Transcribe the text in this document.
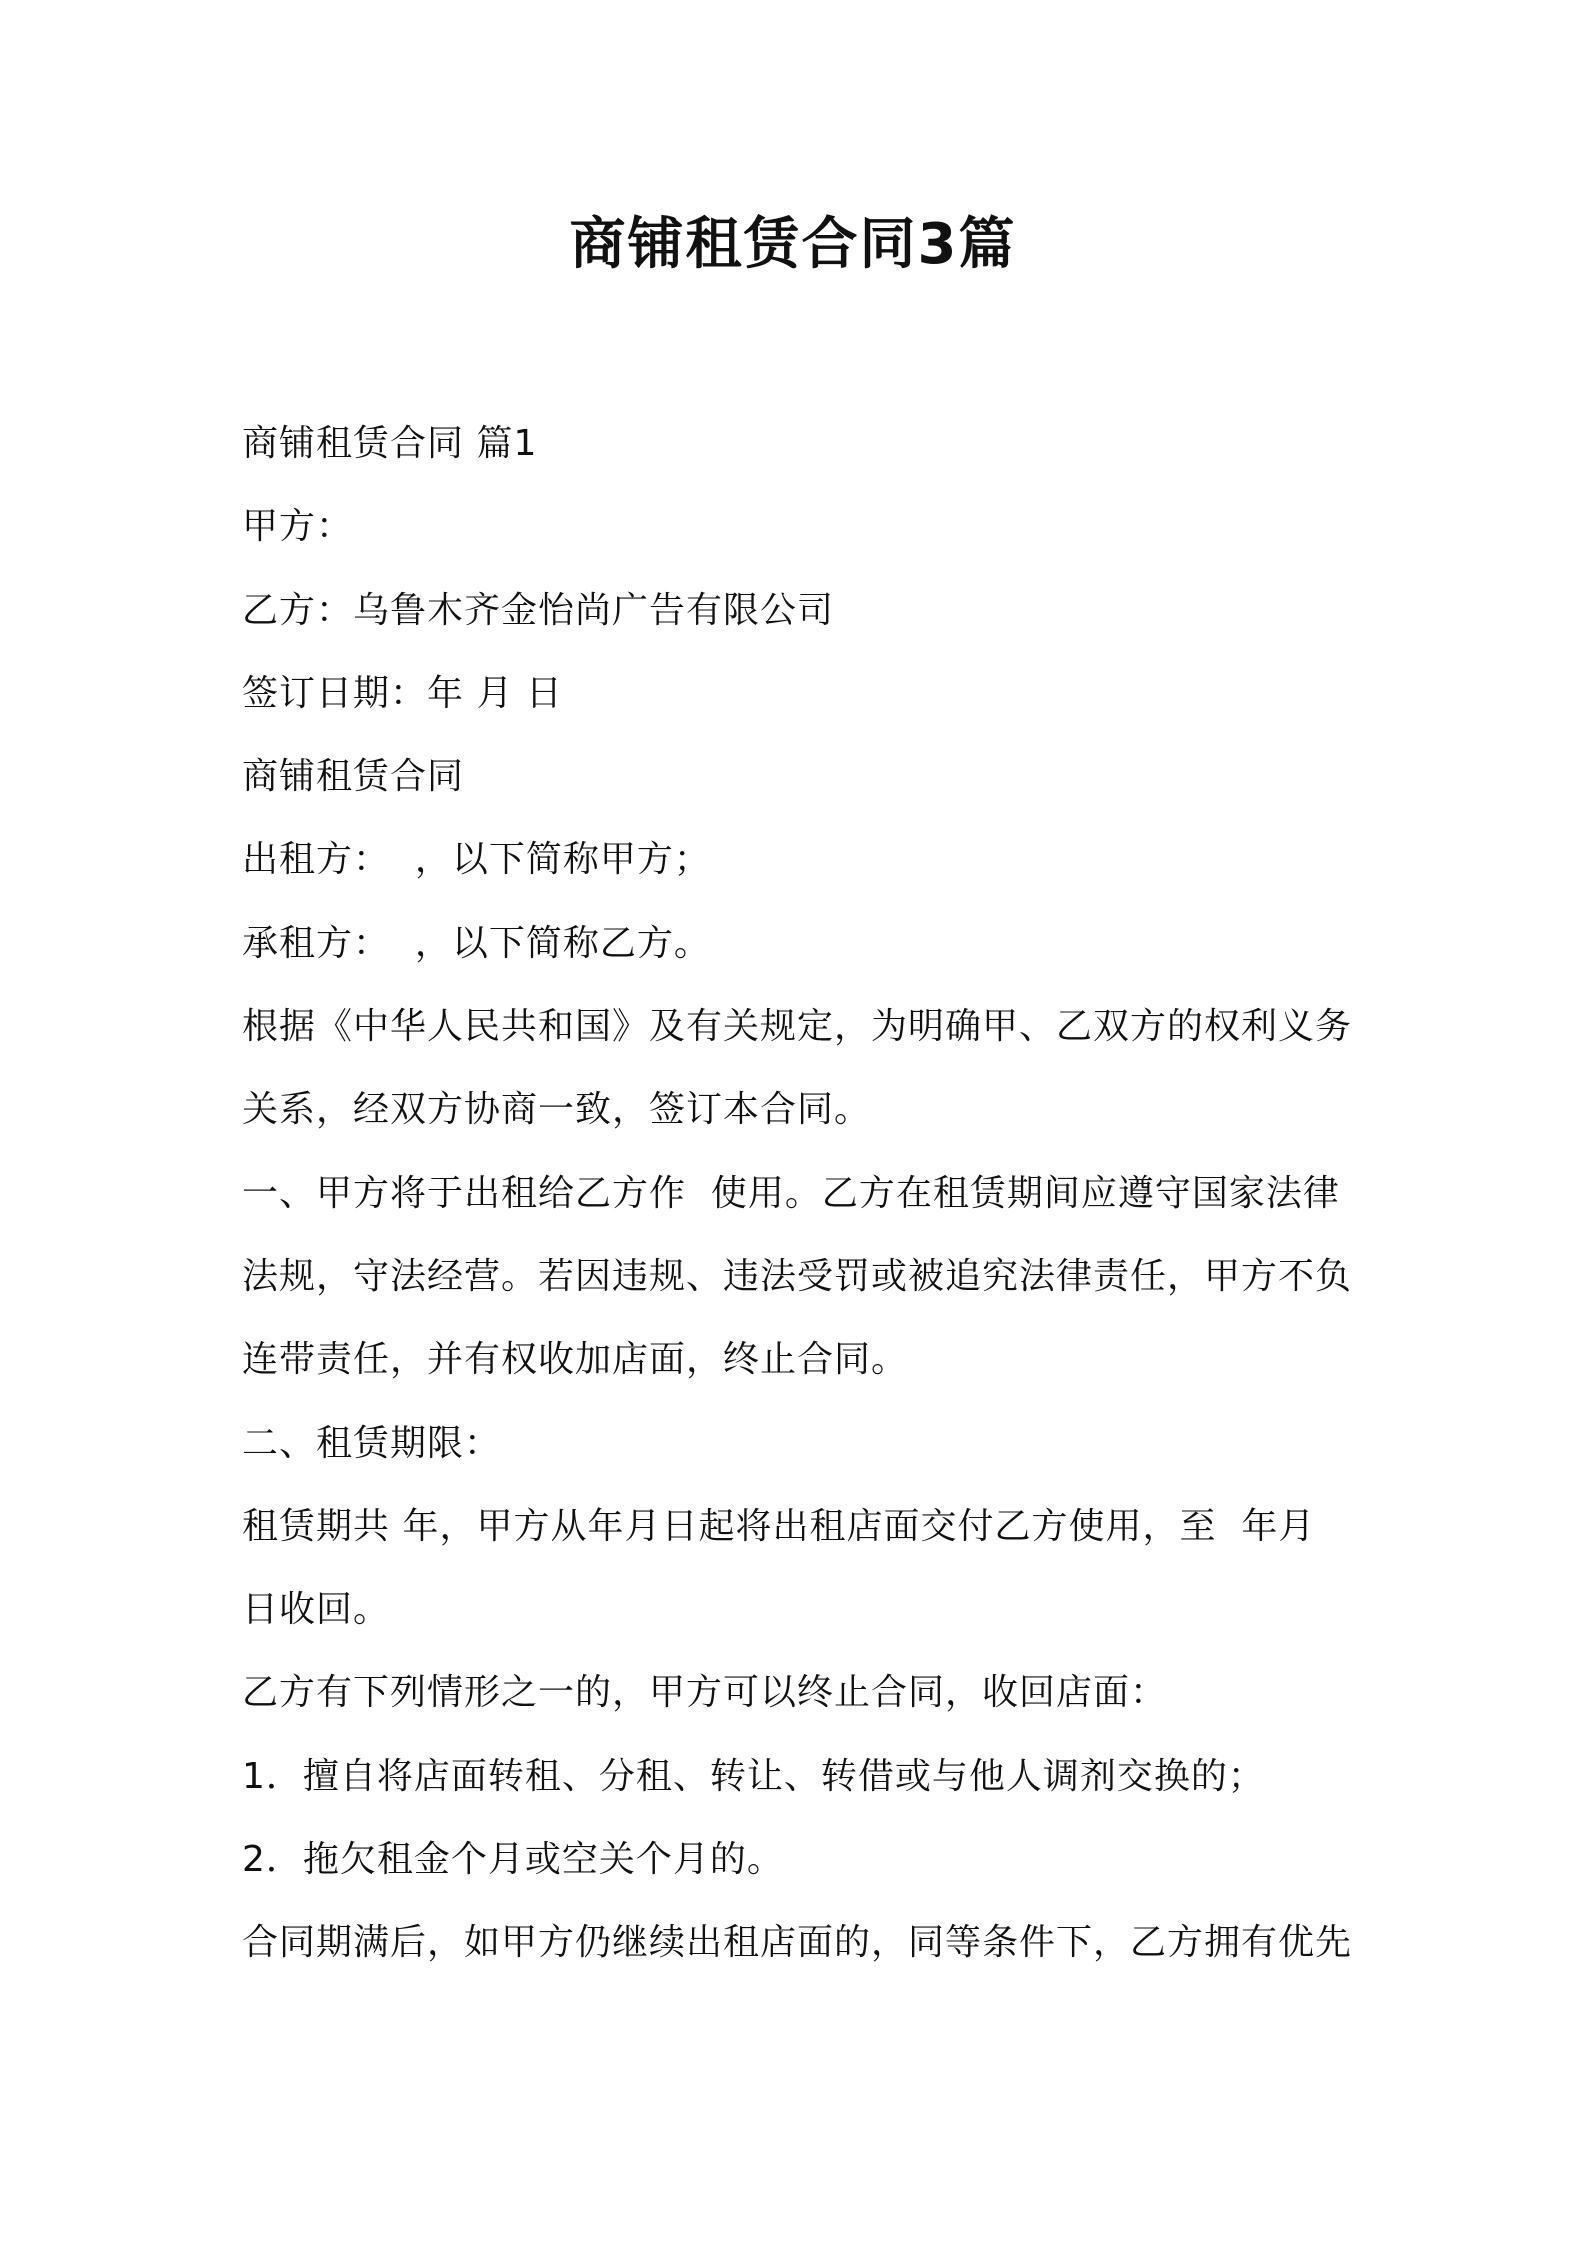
商铺租赁合同3篇
商铺租赁合同 篇1
甲方：
乙方：乌鲁木齐金怡尚广告有限公司
签订日期：年 月 日
商铺租赁合同
出租方：  ，以下简称甲方；
承租方：  ，以下简称乙方。
根据《中华人民共和国》及有关规定，为明确甲、乙双方的权利义务
关系，经双方协商一致，签订本合同。
一、甲方将于出租给乙方作  使用。乙方在租赁期间应遵守国家法律
法规，守法经营。若因违规、违法受罚或被追究法律责任，甲方不负
连带责任，并有权收加店面，终止合同。
二、租赁期限：
租赁期共 年，甲方从年月日起将出租店面交付乙方使用，至  年月
日收回。
乙方有下列情形之一的，甲方可以终止合同，收回店面：
1．擅自将店面转租、分租、转让、转借或与他人调剂交换的；
2．拖欠租金个月或空关个月的。
合同期满后，如甲方仍继续出租店面的，同等条件下，乙方拥有优先
